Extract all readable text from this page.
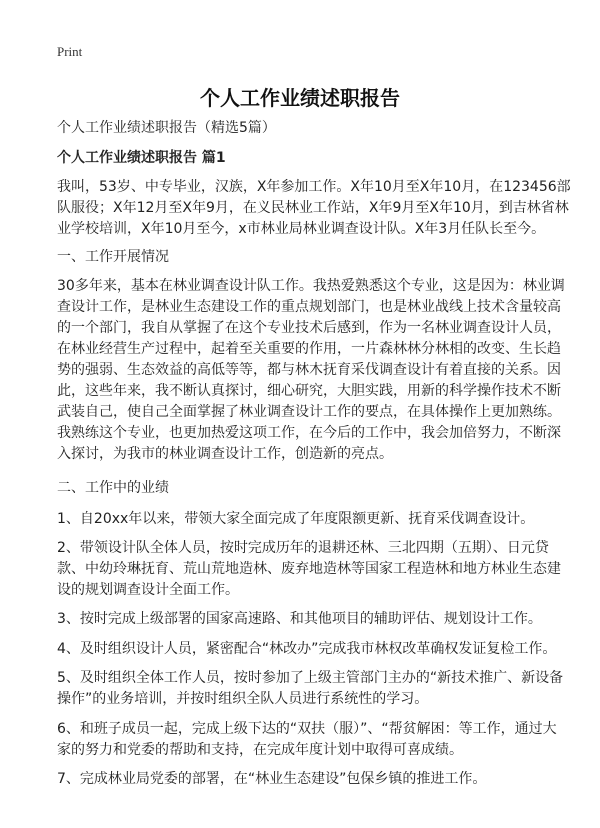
Print
个人工作业绩述职报告
个人工作业绩述职报告（精选5篇）
个人工作业绩述职报告 篇1
我叫，53岁、中专毕业，汉族，X年参加工作。X年10月至X年10月，在123456部
队服役；X年12月至X年9月，在义民林业工作站，X年9月至X年10月，到吉林省林
业学校培训，X年10月至今，x市林业局林业调查设计队。X年3月任队长至今。
一、工作开展情况
30多年来，基本在林业调查设计队工作。我热爱熟悉这个专业，这是因为：林业调
查设计工作，是林业生态建设工作的重点规划部门，也是林业战线上技术含量较高
的一个部门，我自从掌握了在这个专业技术后感到，作为一名林业调查设计人员，
在林业经营生产过程中，起着至关重要的作用，一片森林林分林相的改变、生长趋
势的强弱、生态效益的高低等等，都与林木抚育采伐调查设计有着直接的关系。因
此，这些年来，我不断认真探讨，细心研究，大胆实践，用新的科学操作技术不断
武装自己，使自己全面掌握了林业调查设计工作的要点，在具体操作上更加熟练。
我熟练这个专业，也更加热爱这项工作，在今后的工作中，我会加倍努力，不断深
入探讨，为我市的林业调查设计工作，创造新的亮点。
二、工作中的业绩
1、自20xx年以来，带领大家全面完成了年度限额更新、抚育采伐调查设计。
2、带领设计队全体人员，按时完成历年的退耕还林、三北四期（五期）、日元贷
款、中幼玲琳抚育、荒山荒地造林、废弃地造林等国家工程造林和地方林业生态建
设的规划调查设计全面工作。
3、按时完成上级部署的国家高速路、和其他项目的辅助评估、规划设计工作。
4、及时组织设计人员，紧密配合“林改办”完成我市林权改革确权发证复检工作。
5、及时组织全体工作人员，按时参加了上级主管部门主办的“新技术推广、新设备
操作”的业务培训，并按时组织全队人员进行系统性的学习。
6、和班子成员一起，完成上级下达的“双扶（服）”、“帮贫解困：等工作，通过大
家的努力和党委的帮助和支持，在完成年度计划中取得可喜成绩。
7、完成林业局党委的部署，在“林业生态建设”包保乡镇的推进工作。
